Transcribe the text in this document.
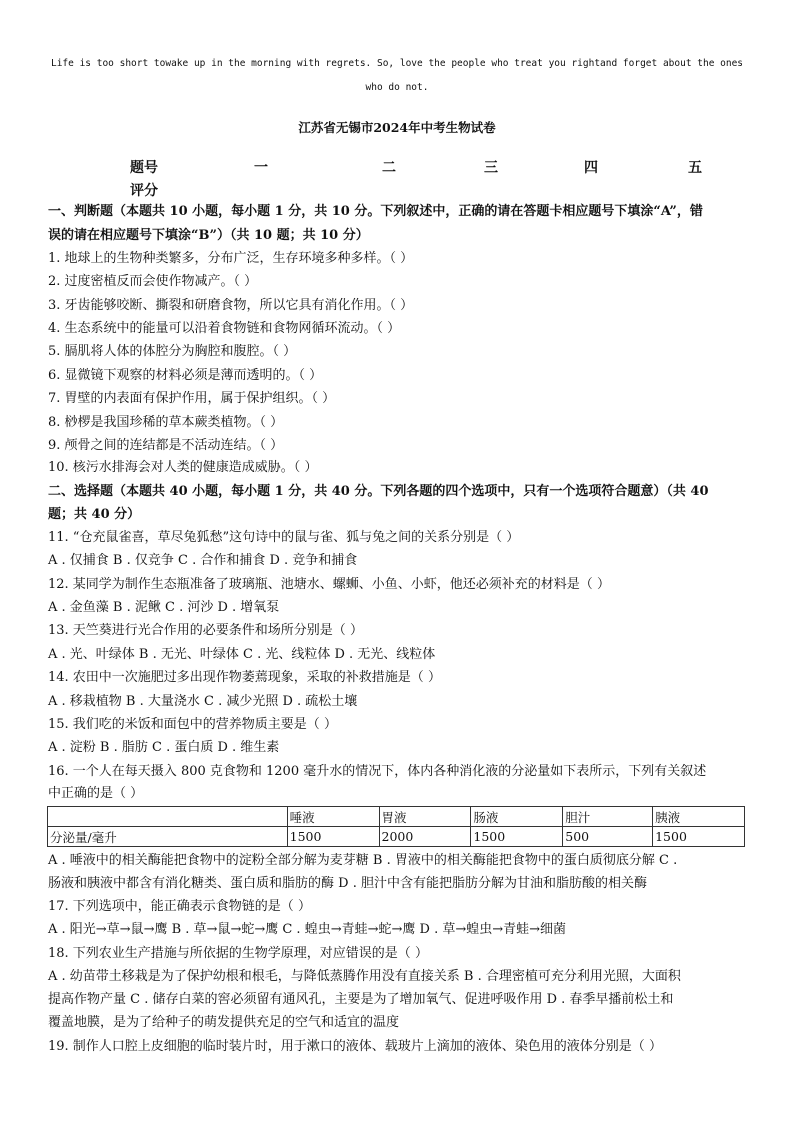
Life is too short towake up in the morning with regrets. So, love the people who treat you rightand forget about the ones
who do not.
江苏省无锡市2024年中考生物试卷
题号	一	二	三	四	五
评分
一、判断题（本题共 10 小题，每小题 1 分，共 10 分。下列叙述中，正确的请在答题卡相应题号下填涂“A”，错
误的请在相应题号下填涂“B”）（共 10 题；共 10 分）
1. 地球上的生物种类繁多，分布广泛，生存环境多种多样。（ ）
2. 过度密植反而会使作物减产。（ ）
3. 牙齿能够咬断、撕裂和研磨食物，所以它具有消化作用。（ ）
4. 生态系统中的能量可以沿着食物链和食物网循环流动。（ ）
5. 膈肌将人体的体腔分为胸腔和腹腔。（ ）
6. 显微镜下观察的材料必须是薄而透明的。（ ）
7. 胃壁的内表面有保护作用，属于保护组织。（ ）
8. 桫椤是我国珍稀的草本蕨类植物。（ ）
9. 颅骨之间的连结都是不活动连结。（ ）
10. 核污水排海会对人类的健康造成威胁。（ ）
二、选择题（本题共 40 小题，每小题 1 分，共 40 分。下列各题的四个选项中，只有一个选项符合题意）（共 40
题；共 40 分）
11. “仓充鼠雀喜，草尽兔狐愁”这句诗中的鼠与雀、狐与兔之间的关系分别是（ ）
A . 仅捕食 B . 仅竞争 C . 合作和捕食 D . 竞争和捕食
12. 某同学为制作生态瓶准备了玻璃瓶、池塘水、螺蛳、小鱼、小虾，他还必须补充的材料是（ ）
A . 金鱼藻 B . 泥鳅 C . 河沙 D . 增氧泵
13. 天竺葵进行光合作用的必要条件和场所分别是（ ）
A . 光、叶绿体 B . 无光、叶绿体 C . 光、线粒体 D . 无光、线粒体
14. 农田中一次施肥过多出现作物萎蔫现象，采取的补救措施是（ ）
A . 移栽植物 B . 大量浇水 C . 减少光照 D . 疏松土壤
15. 我们吃的米饭和面包中的营养物质主要是（ ）
A . 淀粉 B . 脂肪 C . 蛋白质 D . 维生素
16. 一个人在每天摄入 800 克食物和 1200 毫升水的情况下，体内各种消化液的分泌量如下表所示，下列有关叙述
中正确的是（ ）
	唾液	胃液	肠液	胆汁	胰液
分泌量/毫升	1500	2000	1500	500	1500
A . 唾液中的相关酶能把食物中的淀粉全部分解为麦芽糖 B . 胃液中的相关酶能把食物中的蛋白质彻底分解 C .
肠液和胰液中都含有消化糖类、蛋白质和脂肪的酶 D . 胆汁中含有能把脂肪分解为甘油和脂肪酸的相关酶
17. 下列选项中，能正确表示食物链的是（ ）
A . 阳光→草→鼠→鹰 B . 草→鼠→蛇→鹰 C . 蝗虫→青蛙→蛇→鹰 D . 草→蝗虫→青蛙→细菌
18. 下列农业生产措施与所依据的生物学原理，对应错误的是（ ）
A . 幼苗带土移栽是为了保护幼根和根毛，与降低蒸腾作用没有直接关系 B . 合理密植可充分利用光照，大面积
提高作物产量 C . 储存白菜的窖必须留有通风孔，主要是为了增加氧气、促进呼吸作用 D . 春季早播前松土和
覆盖地膜，是为了给种子的萌发提供充足的空气和适宜的温度
19. 制作人口腔上皮细胞的临时装片时，用于漱口的液体、载玻片上滴加的液体、染色用的液体分别是（ ）
